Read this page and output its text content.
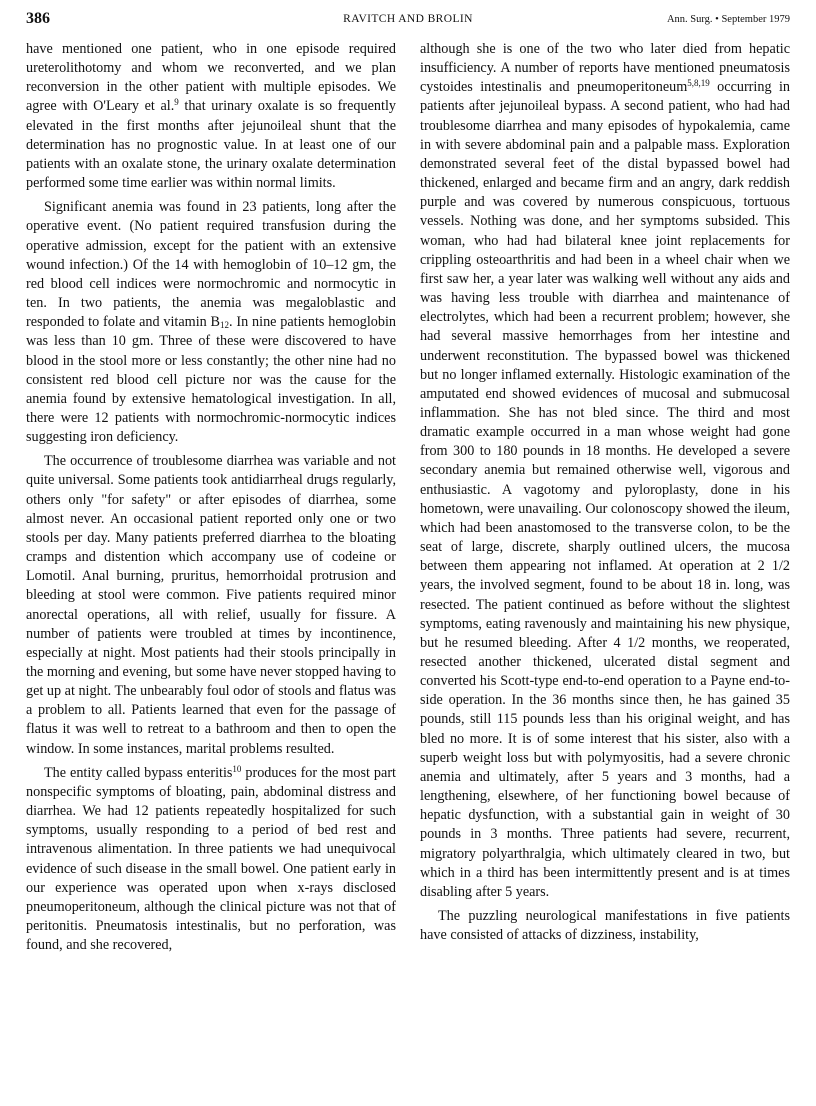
386	RAVITCH AND BROLIN	Ann. Surg. • September 1979

have mentioned one patient, who in one episode required ureterolithotomy and whom we reconverted, and we plan reconversion in the other patient with multiple episodes. We agree with O'Leary et al.$^9$ that urinary oxalate is so frequently elevated in the first months after jejunoileal shunt that the determination has no prognostic value. In at least one of our patients with an oxalate stone, the urinary oxalate determination performed some time earlier was within normal limits.

Significant anemia was found in 23 patients, long after the operative event. (No patient required transfusion during the operative admission, except for the patient with an extensive wound infection.) Of the 14 with hemoglobin of 10–12 gm, the red blood cell indices were normochromic and normocytic in ten. In two patients, the anemia was megaloblastic and responded to folate and vitamin $B_{12}$. In nine patients hemoglobin was less than 10 gm. Three of these were discovered to have blood in the stool more or less constantly; the other nine had no consistent red blood cell picture nor was the cause for the anemia found by extensive hematological investigation. In all, there were 12 patients with normochromic-normocytic indices suggesting iron deficiency.

The occurrence of troublesome diarrhea was variable and not quite universal. Some patients took antidiarrheal drugs regularly, others only "for safety" or after episodes of diarrhea, some almost never. An occasional patient reported only one or two stools per day. Many patients preferred diarrhea to the bloating cramps and distention which accompany use of codeine or Lomotil. Anal burning, pruritus, hemorrhoidal protrusion and bleeding at stool were common. Five patients required minor anorectal operations, all with relief, usually for fissure. A number of patients were troubled at times by incontinence, especially at night. Most patients had their stools principally in the morning and evening, but some have never stopped having to get up at night. The unbearably foul odor of stools and flatus was a problem to all. Patients learned that even for the passage of flatus it was well to retreat to a bathroom and then to open the window. In some instances, marital problems resulted.

The entity called bypass enteritis$^{10}$ produces for the most part nonspecific symptoms of bloating, pain, abdominal distress and diarrhea. We had 12 patients repeatedly hospitalized for such symptoms, usually responding to a period of bed rest and intravenous alimentation. In three patients we had unequivocal evidence of such disease in the small bowel. One patient early in our experience was operated upon when x-rays disclosed pneumoperitoneum, although the clinical picture was not that of peritonitis. Pneumatosis intestinalis, but no perforation, was found, and she recovered,

although she is one of the two who later died from hepatic insufficiency. A number of reports have mentioned pneumatosis cystoides intestinalis and pneumoperitoneum$^{5,8,19}$ occurring in patients after jejunoileal bypass. A second patient, who had had troublesome diarrhea and many episodes of hypokalemia, came in with severe abdominal pain and a palpable mass. Exploration demonstrated several feet of the distal bypassed bowel had thickened, enlarged and became firm and an angry, dark reddish purple and was covered by numerous conspicuous, tortuous vessels. Nothing was done, and her symptoms subsided. This woman, who had had bilateral knee joint replacements for crippling osteoarthritis and had been in a wheel chair when we first saw her, a year later was walking well without any aids and was having less trouble with diarrhea and maintenance of electrolytes, which had been a recurrent problem; however, she had several massive hemorrhages from her intestine and underwent reconstitution. The bypassed bowel was thickened but no longer inflamed externally. Histologic examination of the amputated end showed evidences of mucosal and submucosal inflammation. She has not bled since. The third and most dramatic example occurred in a man whose weight had gone from 300 to 180 pounds in 18 months. He developed a severe secondary anemia but remained otherwise well, vigorous and enthusiastic. A vagotomy and pyloroplasty, done in his hometown, were unavailing. Our colonoscopy showed the ileum, which had been anastomosed to the transverse colon, to be the seat of large, discrete, sharply outlined ulcers, the mucosa between them appearing not inflamed. At operation at 2 1/2 years, the involved segment, found to be about 18 in. long, was resected. The patient continued as before without the slightest symptoms, eating ravenously and maintaining his new physique, but he resumed bleeding. After 4 1/2 months, we reoperated, resected another thickened, ulcerated distal segment and converted his Scott-type end-to-end operation to a Payne end-to-side operation. In the 36 months since then, he has gained 35 pounds, still 115 pounds less than his original weight, and has bled no more. It is of some interest that his sister, also with a superb weight loss but with polymyositis, had a severe chronic anemia and ultimately, after 5 years and 3 months, had a lengthening, elsewhere, of her functioning bowel because of hepatic dysfunction, with a substantial gain in weight of 30 pounds in 3 months. Three patients had severe, recurrent, migratory polyarthralgia, which ultimately cleared in two, but which in a third has been intermittently present and is at times disabling after 5 years.

The puzzling neurological manifestations in five patients have consisted of attacks of dizziness, instability,
